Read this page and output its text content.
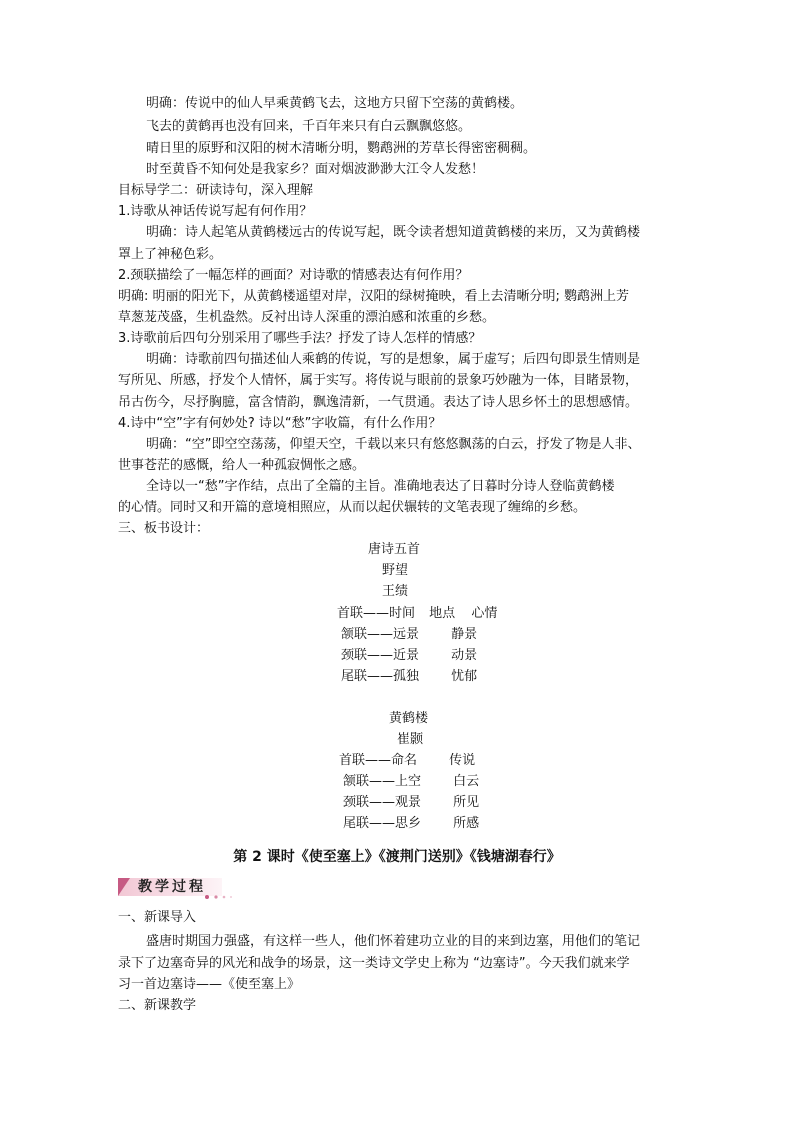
明确：传说中的仙人早乘黄鹤飞去，这地方只留下空荡的黄鹤楼。
飞去的黄鹤再也没有回来，千百年来只有白云飘飘悠悠。
晴日里的原野和汉阳的树木清晰分明，鹦鹉洲的芳草长得密密稠稠。
时至黄昏不知何处是我家乡？面对烟波渺渺大江令人发愁！
目标导学二：研读诗句，深入理解
1.诗歌从神话传说写起有何作用？
明确：诗人起笔从黄鹤楼远古的传说写起，既令读者想知道黄鹤楼的来历，又为黄鹤楼
罩上了神秘色彩。
2.颈联描绘了一幅怎样的画面？对诗歌的情感表达有何作用？
明确: 明丽的阳光下，从黄鹤楼遥望对岸，汉阳的绿树掩映，看上去清晰分明; 鹦鹉洲上芳
草葱茏茂盛，生机盎然。反衬出诗人深重的漂泊感和浓重的乡愁。
3.诗歌前后四句分别采用了哪些手法？抒发了诗人怎样的情感？
明确：诗歌前四句描述仙人乘鹤的传说，写的是想象，属于虚写；后四句即景生情则是
写所见、所感，抒发个人情怀，属于实写。将传说与眼前的景象巧妙融为一体，目睹景物，
吊古伤今，尽抒胸臆，富含情韵，飘逸清新，一气贯通。表达了诗人思乡怀土的思想感情。
4.诗中“空”字有何妙处? 诗以“愁”字收篇，有什么作用？
明确：“空”即空空荡荡，仰望天空，千载以来只有悠悠飘荡的白云，抒发了物是人非、
世事苍茫的感慨，给人一种孤寂惆怅之感。
全诗以一“愁”字作结，点出了全篇的主旨。准确地表达了日暮时分诗人登临黄鹤楼
的心情。同时又和开篇的意境相照应，从而以起伏辗转的文笔表现了缠绵的乡愁。
三、板书设计：
唐诗五首
野望
王绩
首联——时间 地点 心情
颔联——远景 静景
颈联——近景 动景
尾联——孤独 忧郁
黄鹤楼
崔颢
首联——命名 传说
颔联——上空 白云
颈联——观景 所见
尾联——思乡 所感
第 2 课时《使至塞上》《渡荆门送别》《钱塘湖春行》
教学过程
一、新课导入
盛唐时期国力强盛，有这样一些人，他们怀着建功立业的目的来到边塞，用他们的笔记
录下了边塞奇异的风光和战争的场景，这一类诗文学史上称为 “边塞诗”。今天我们就来学
习一首边塞诗——《使至塞上》
二、新课教学
